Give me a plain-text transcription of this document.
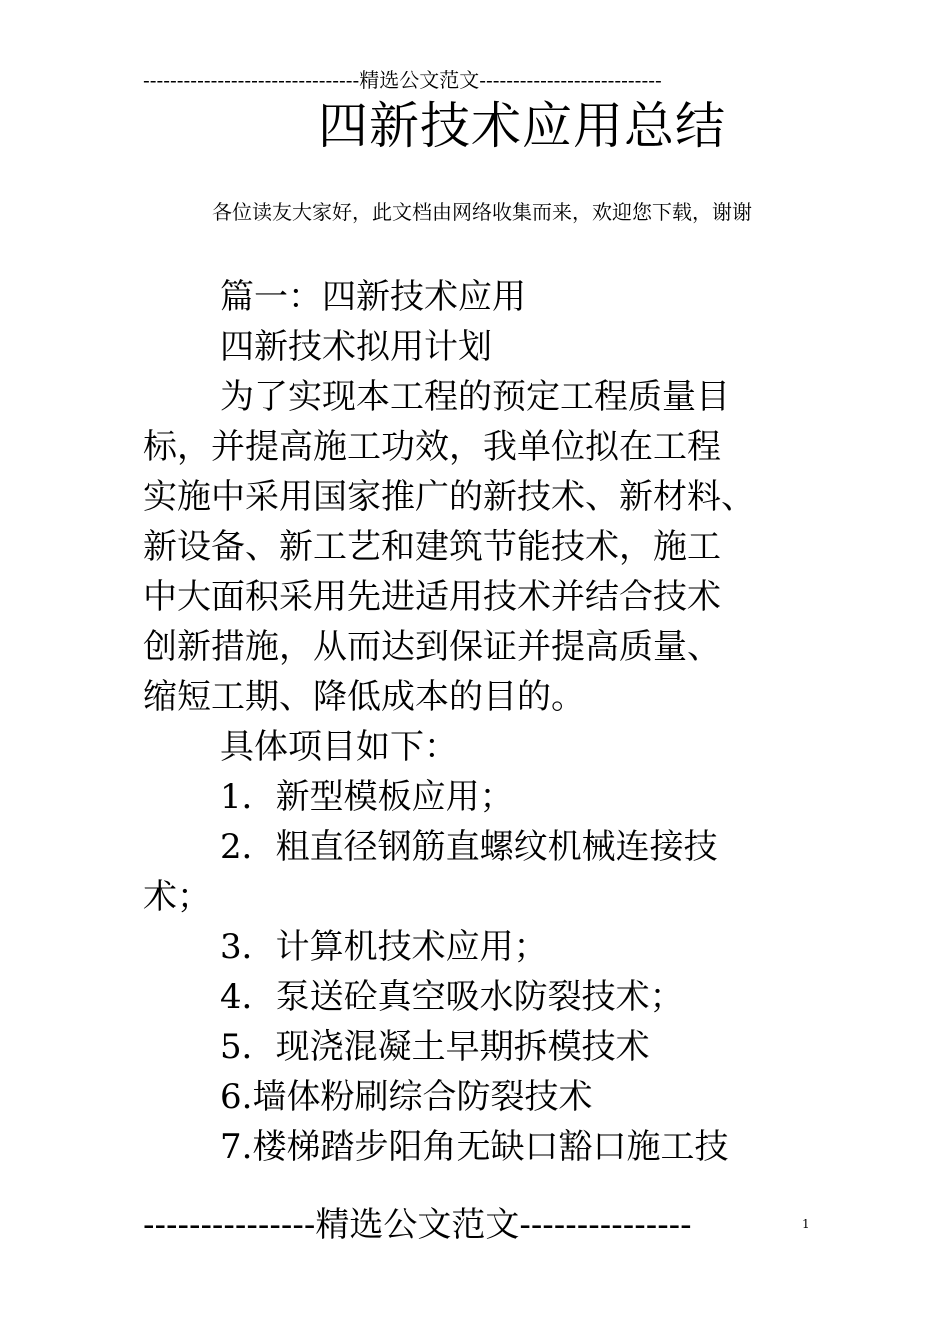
--------------------------------精选公文范文---------------------------
四新技术应用总结
各位读友大家好，此文档由网络收集而来，欢迎您下载，谢谢
篇一：四新技术应用
四新技术拟用计划
为了实现本工程的预定工程质量目
标，并提高施工功效，我单位拟在工程
实施中采用国家推广的新技术、新材料、
新设备、新工艺和建筑节能技术，施工
中大面积采用先进适用技术并结合技术
创新措施，从而达到保证并提高质量、
缩短工期、降低成本的目的。
具体项目如下：
1．新型模板应用；
2．粗直径钢筋直螺纹机械连接技
术；
3．计算机技术应用；
4．泵送砼真空吸水防裂技术；
5．现浇混凝土早期拆模技术
6.墙体粉刷综合防裂技术
7.楼梯踏步阳角无缺口豁口施工技
---------------精选公文范文---------------	1
